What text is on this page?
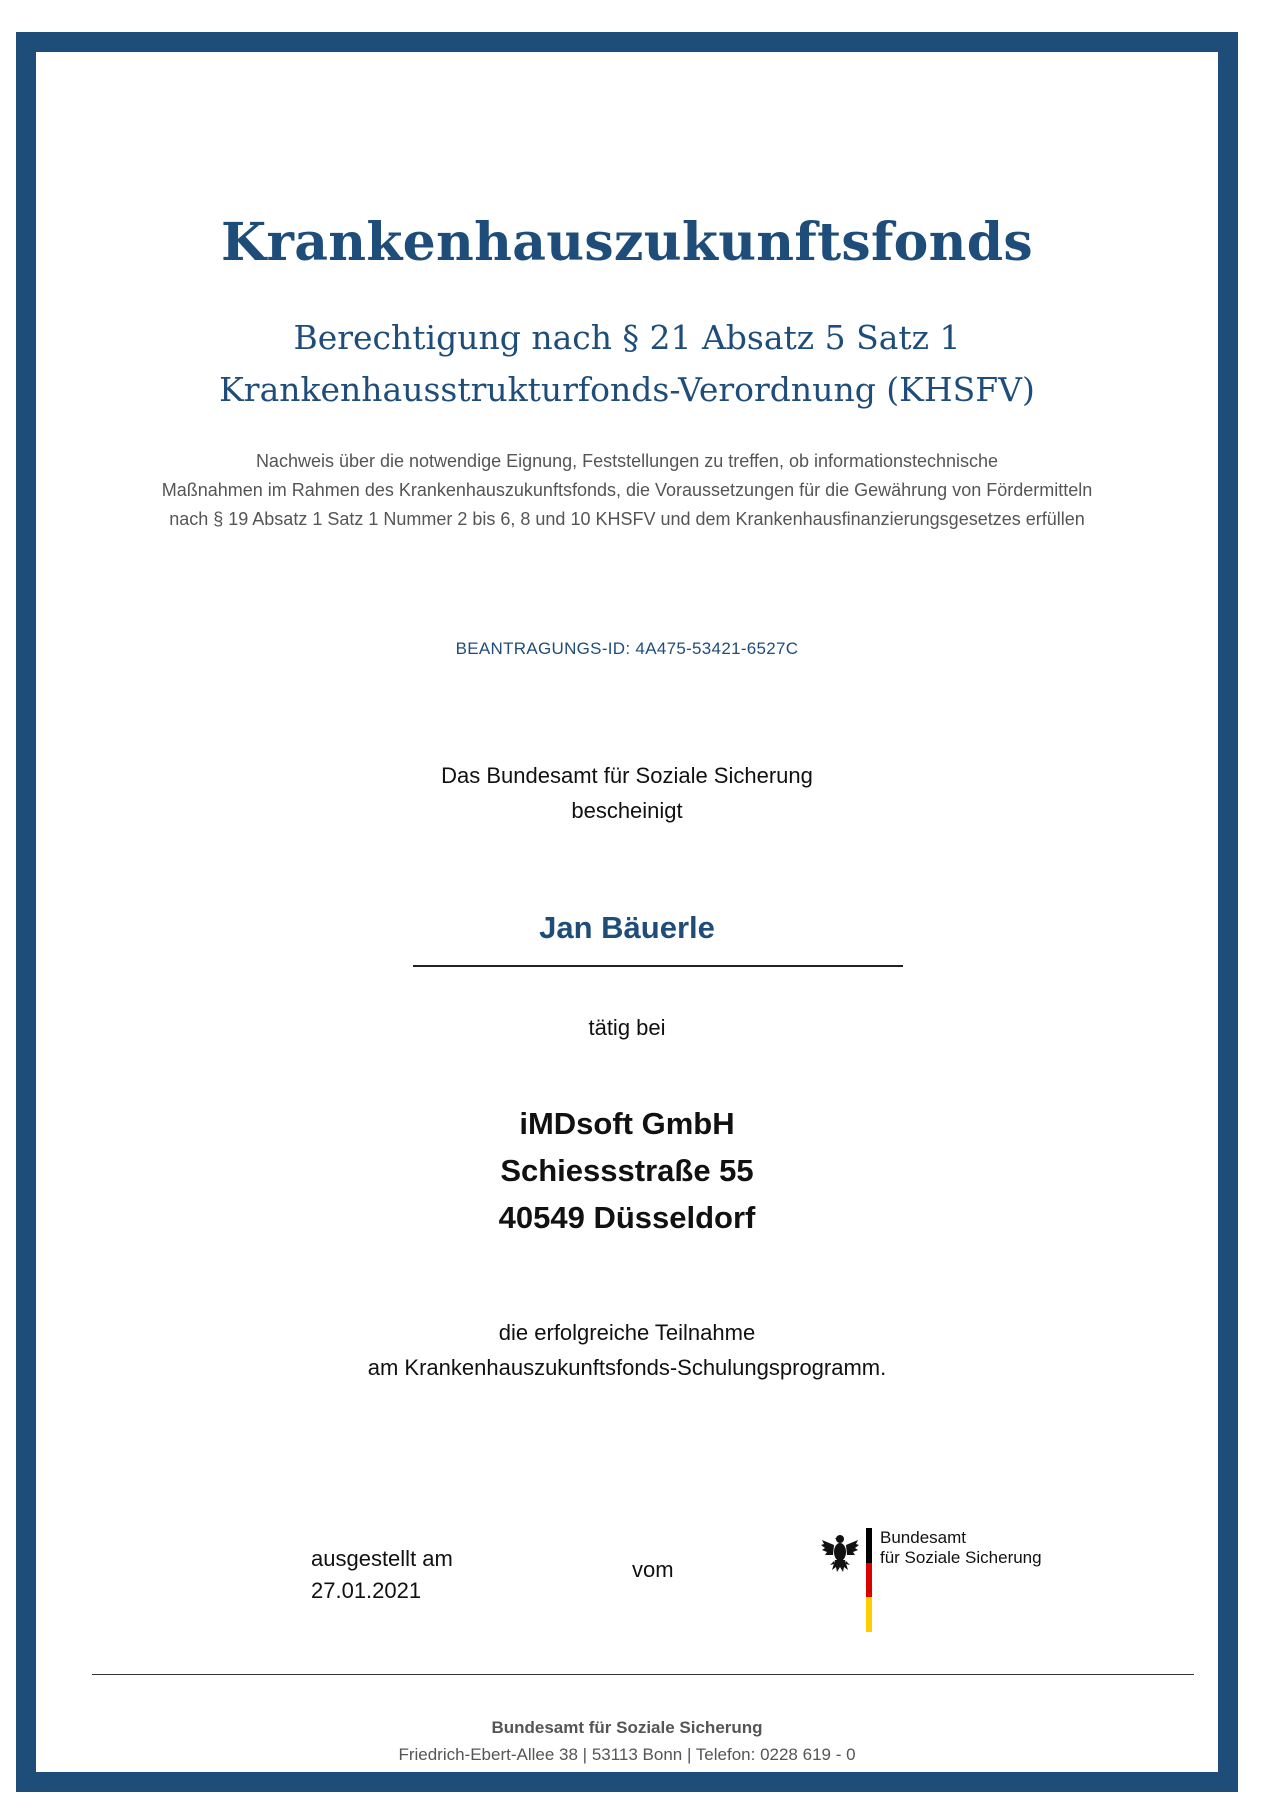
Krankenhauszukunftsfonds
Berechtigung nach § 21 Absatz 5 Satz 1
Krankenhausstrukturfonds-Verordnung (KHSFV)
Nachweis über die notwendige Eignung, Feststellungen zu treffen, ob informationstechnische
Maßnahmen im Rahmen des Krankenhauszukunftsfonds, die Voraussetzungen für die Gewährung von Fördermitteln
nach § 19 Absatz 1 Satz 1 Nummer 2 bis 6, 8 und 10 KHSFV und dem Krankenhausfinanzierungsgesetzes erfüllen
BEANTRAGUNGS-ID: 4A475-53421-6527C
Das Bundesamt für Soziale Sicherung
bescheinigt
Jan Bäuerle
tätig bei
iMDsoft GmbH
Schiessstraße 55
40549 Düsseldorf
die erfolgreiche Teilnahme
am Krankenhauszukunftsfonds-Schulungsprogramm.
ausgestellt am
27.01.2021
vom
Bundesamt
für Soziale Sicherung
Bundesamt für Soziale Sicherung
Friedrich-Ebert-Allee 38 | 53113 Bonn | Telefon: 0228 619 - 0
